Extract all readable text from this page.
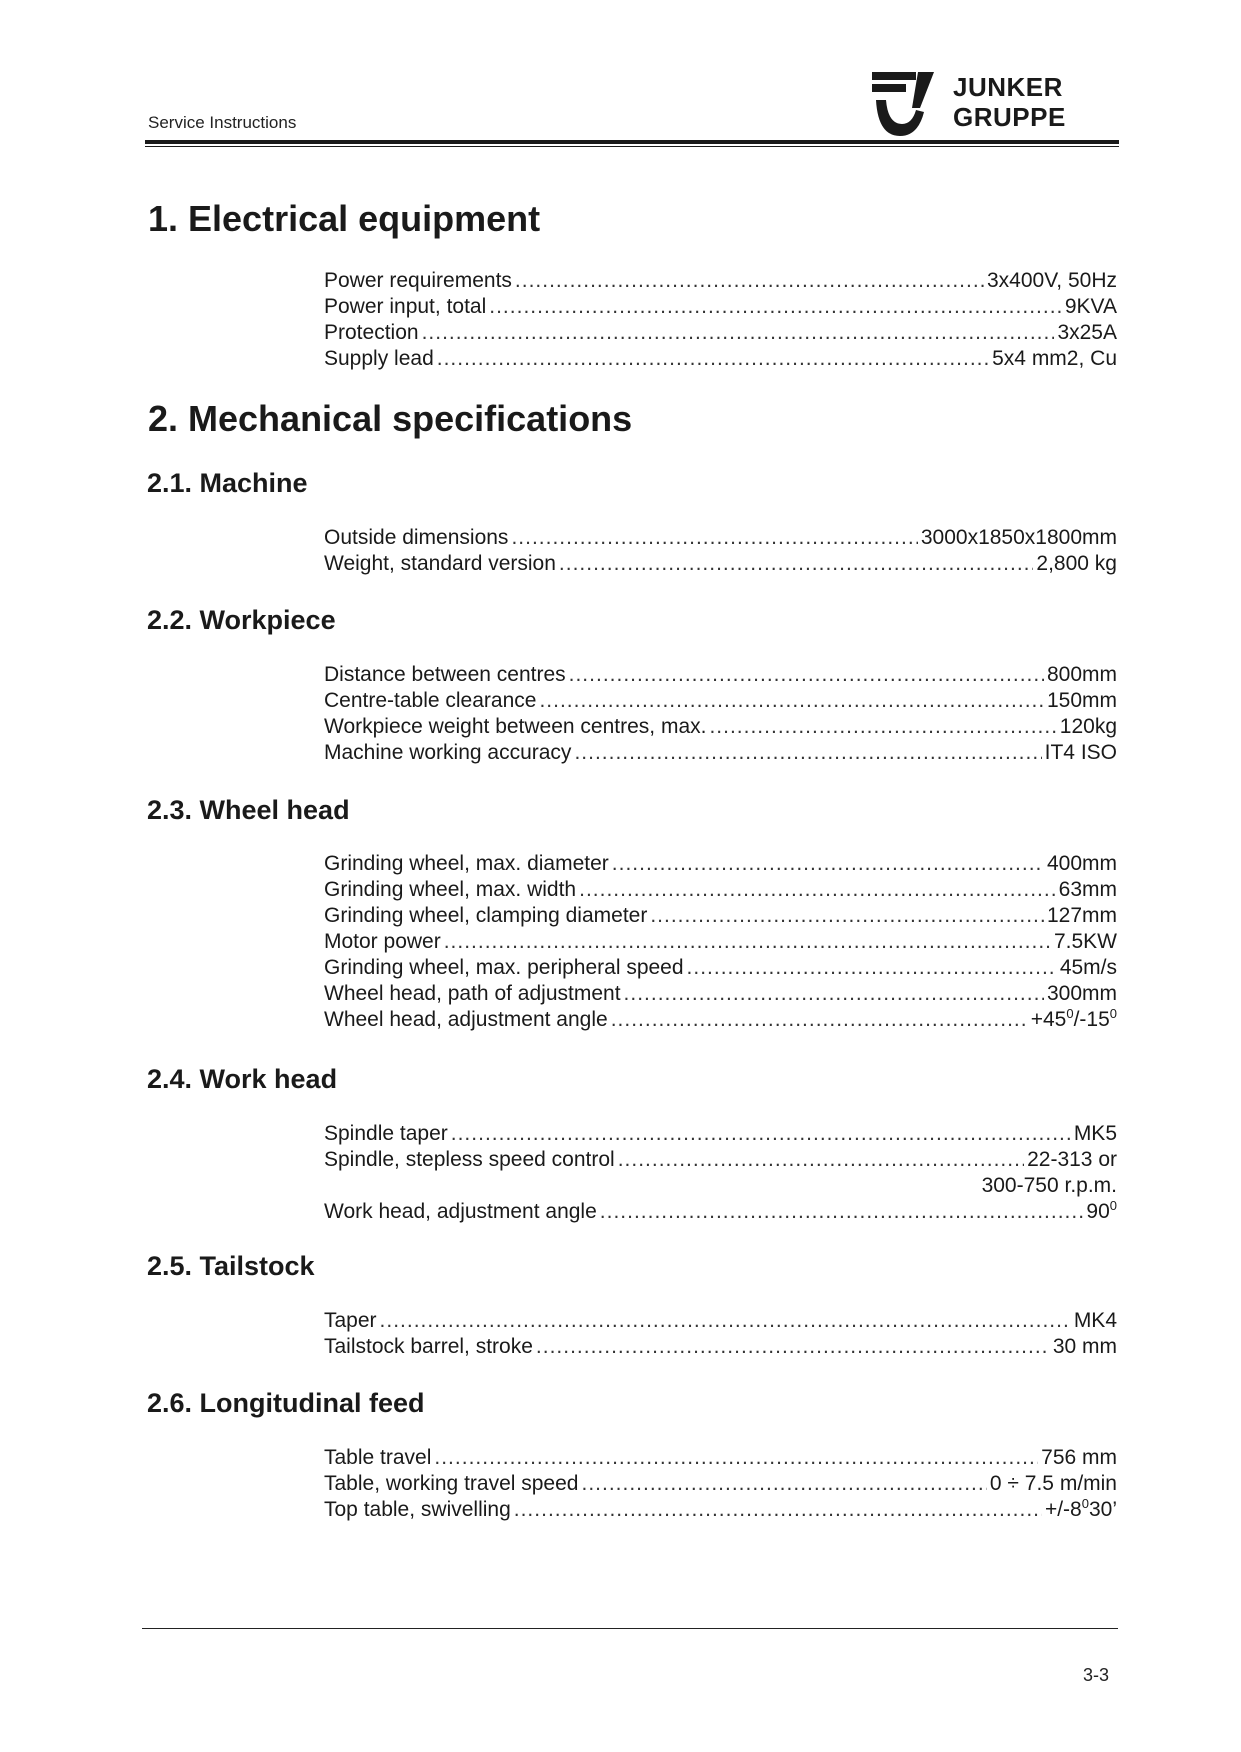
Service Instructions
JUNKER
GRUPPE
1. Electrical equipment
Power requirements .....	3x400V, 50Hz
Power input, total .....	9KVA
Protection .....	3x25A
Supply lead .....	5x4 mm2, Cu
2. Mechanical specifications
2.1. Machine
Outside dimensions .....	3000x1850x1800mm
Weight, standard version .....	2,800 kg
2.2. Workpiece
Distance between centres .....	800mm
Centre-table clearance .....	150mm
Workpiece weight between centres, max. .....	120kg
Machine working accuracy .....	IT4 ISO
2.3. Wheel head
Grinding wheel, max. diameter .....	400mm
Grinding wheel, max. width .....	63mm
Grinding wheel, clamping diameter .....	127mm
Motor power .....	7.5KW
Grinding wheel, max. peripheral speed .....	45m/s
Wheel head, path of adjustment .....	300mm
Wheel head, adjustment angle .....	$+45^0/-15^0$
2.4. Work head
Spindle taper .....	MK5
Spindle, stepless speed control .....	22-313 or
300-750 r.p.m.
Work head, adjustment angle .....	$90^0$
2.5. Tailstock
Taper .....	MK4
Tailstock barrel, stroke .....	30 mm
2.6. Longitudinal feed
Table travel .....	756 mm
Table, working travel speed .....	0 ÷ 7.5 m/min
Top table, swivelling .....	$+/-8^030$’
3-3
